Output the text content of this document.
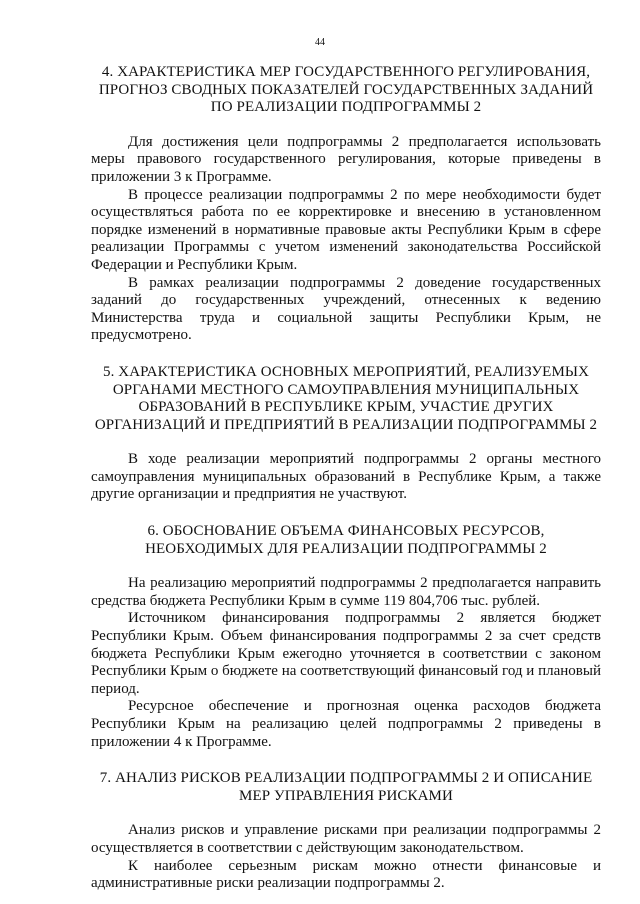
44
4. ХАРАКТЕРИСТИКА МЕР ГОСУДАРСТВЕННОГО РЕГУЛИРОВАНИЯ,
ПРОГНОЗ СВОДНЫХ ПОКАЗАТЕЛЕЙ ГОСУДАРСТВЕННЫХ ЗАДАНИЙ
ПО РЕАЛИЗАЦИИ ПОДПРОГРАММЫ 2

Для достижения цели подпрограммы 2 предполагается использовать меры правового государственного регулирования, которые приведены в приложении 3 к Программе.

В процессе реализации подпрограммы 2 по мере необходимости будет осуществляться работа по ее корректировке и внесению в установленном порядке изменений в нормативные правовые акты Республики Крым в сфере реализации Программы с учетом изменений законодательства Российской Федерации и Республики Крым.

В рамках реализации подпрограммы 2 доведение государственных заданий до государственных учреждений, отнесенных к ведению Министерства труда и социальной защиты Республики Крым, не предусмотрено.

5. ХАРАКТЕРИСТИКА ОСНОВНЫХ МЕРОПРИЯТИЙ, РЕАЛИЗУЕМЫХ
ОРГАНАМИ МЕСТНОГО САМОУПРАВЛЕНИЯ МУНИЦИПАЛЬНЫХ
ОБРАЗОВАНИЙ В РЕСПУБЛИКЕ КРЫМ, УЧАСТИЕ ДРУГИХ
ОРГАНИЗАЦИЙ И ПРЕДПРИЯТИЙ В РЕАЛИЗАЦИИ ПОДПРОГРАММЫ 2

В ходе реализации мероприятий подпрограммы 2 органы местного самоуправления муниципальных образований в Республике Крым, а также другие организации и предприятия не участвуют.

6. ОБОСНОВАНИЕ ОБЪЕМА ФИНАНСОВЫХ РЕСУРСОВ,
НЕОБХОДИМЫХ ДЛЯ РЕАЛИЗАЦИИ ПОДПРОГРАММЫ 2

На реализацию мероприятий подпрограммы 2 предполагается направить средства бюджета Республики Крым в сумме 119 804,706 тыс. рублей.

Источником финансирования подпрограммы 2 является бюджет Республики Крым. Объем финансирования подпрограммы 2 за счет средств бюджета Республики Крым ежегодно уточняется в соответствии с законом Республики Крым о бюджете на соответствующий финансовый год и плановый период.

Ресурсное обеспечение и прогнозная оценка расходов бюджета Республики Крым на реализацию целей подпрограммы 2 приведены в приложении 4 к Программе.

7. АНАЛИЗ РИСКОВ РЕАЛИЗАЦИИ ПОДПРОГРАММЫ 2 И ОПИСАНИЕ
МЕР УПРАВЛЕНИЯ РИСКАМИ

Анализ рисков и управление рисками при реализации подпрограммы 2 осуществляется в соответствии с действующим законодательством.

К наиболее серьезным рискам можно отнести финансовые и административные риски реализации подпрограммы 2.
